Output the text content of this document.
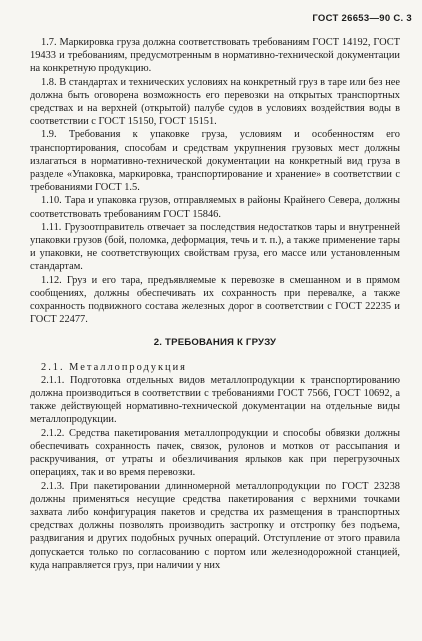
ГОСТ 26653—90 С. 3

1.7. Маркировка груза должна соответствовать требованиям ГОСТ 14192, ГОСТ 19433 и требованиям, предусмотренным в нормативно-технической документации на конкретную продукцию.

1.8. В стандартах и технических условиях на конкретный груз в таре или без нее должна быть оговорена возможность его перевозки на открытых транспортных средствах и на верхней (открытой) палубе судов в условиях воздействия воды в соответствии с ГОСТ 15150, ГОСТ 15151.

1.9. Требования к упаковке груза, условиям и особенностям его транспортирования, способам и средствам укрупнения грузовых мест должны излагаться в нормативно-технической документации на конкретный вид груза в разделе «Упаковка, маркировка, транспортирование и хранение» в соответствии с требованиями ГОСТ 1.5.

1.10. Тара и упаковка грузов, отправляемых в районы Крайнего Севера, должны соответствовать требованиям ГОСТ 15846.

1.11. Грузоотправитель отвечает за последствия недостатков тары и внутренней упаковки грузов (бой, поломка, деформация, течь и т. п.), а также применение тары и упаковки, не соответствующих свойствам груза, его массе или установленным стандартам.

1.12. Груз и его тара, предъявляемые к перевозке в смешанном и в прямом сообщениях, должны обеспечивать их сохранность при перевалке, а также сохранность подвижного состава железных дорог в соответствии с ГОСТ 22235 и ГОСТ 22477.

2. ТРЕБОВАНИЯ К ГРУЗУ

2.1. Металлопродукция

2.1.1. Подготовка отдельных видов металлопродукции к транспортированию должна производиться в соответствии с требованиями ГОСТ 7566, ГОСТ 10692, а также действующей нормативно-технической документации на отдельные виды металлопродукции.

2.1.2. Средства пакетирования металлопродукции и способы обвязки должны обеспечивать сохранность пачек, связок, рулонов и мотков от рассыпания и раскручивания, от утраты и обезличивания ярлыков как при перегрузочных операциях, так и во время перевозки.

2.1.3. При пакетировании длинномерной металлопродукции по ГОСТ 23238 должны применяться несущие средства пакетирования с верхними точками захвата либо конфигурация пакетов и средства их размещения в транспортных средствах должны позволять производить застропку и отстропку без подъема, раздвигания и других подобных ручных операций. Отступление от этого правила допускается только по согласованию с портом или железнодорожной станцией, куда направляется груз, при наличии у них
